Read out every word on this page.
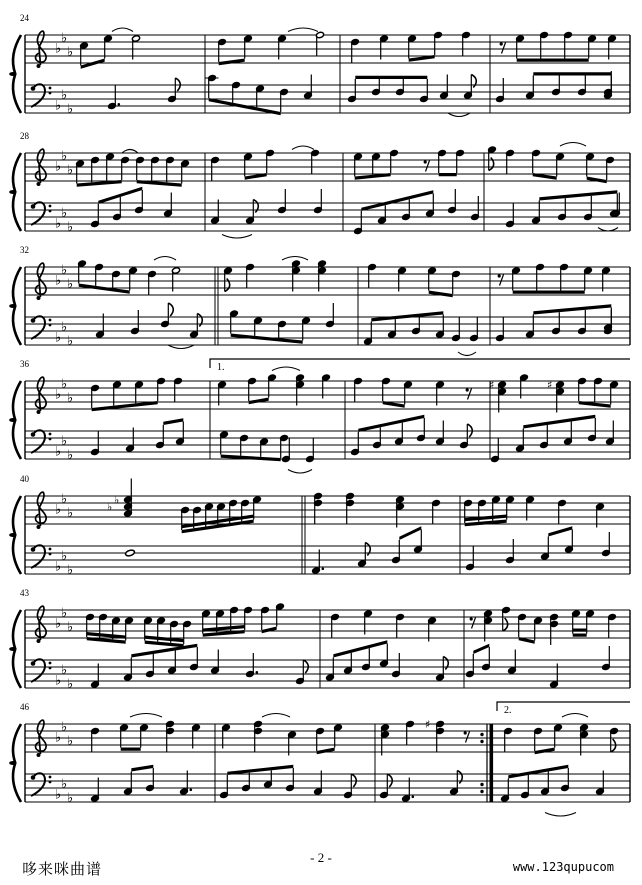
24
♭
♭
♭
♭
♭
♭
28
♭
♭
♭
♭
♭
♭
32
♭
♭
♭
♭
♭
♭
36	1.
♭
♭
♭
♭
♭
♭
♯	♯
40
♭
♭
♭
♭
♭
♭
♭
♭
43
♭
♭
♭
♭
♭
♭
46	2.
♭
♭
♭
♭
♭
♭
♯
哆来咪曲谱
- 2 -
www.123qupucom
